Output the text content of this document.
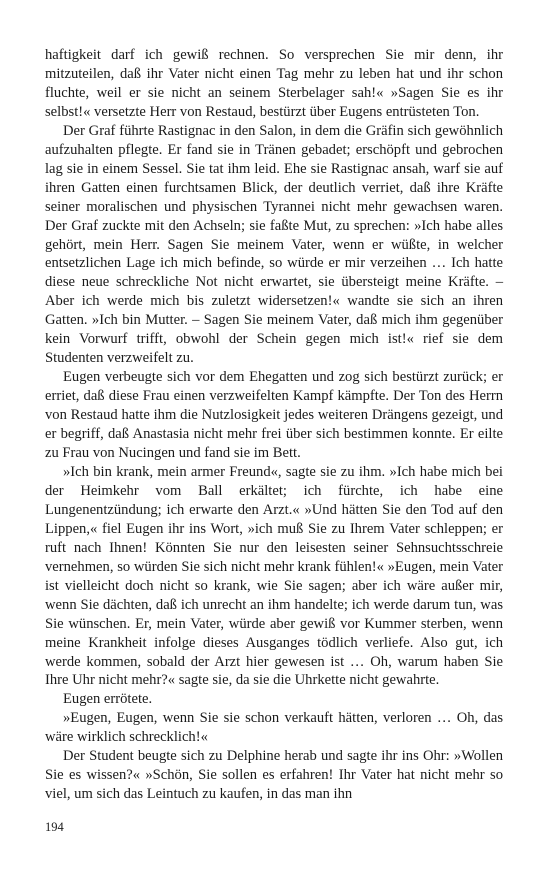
haftigkeit darf ich gewiß rechnen. So versprechen Sie mir denn, ihr mitzuteilen, daß ihr Vater nicht einen Tag mehr zu leben hat und ihr schon fluchte, weil er sie nicht an seinem Sterbelager sah!« »Sagen Sie es ihr selbst!« versetzte Herr von Restaud, bestürzt über Eugens entrüsteten Ton.

Der Graf führte Rastignac in den Salon, in dem die Gräfin sich gewöhnlich aufzuhalten pflegte. Er fand sie in Tränen gebadet; erschöpft und gebrochen lag sie in einem Sessel. Sie tat ihm leid. Ehe sie Rastignac ansah, warf sie auf ihren Gatten einen furchtsamen Blick, der deutlich verriet, daß ihre Kräfte seiner moralischen und physischen Tyrannei nicht mehr gewachsen waren. Der Graf zuckte mit den Achseln; sie faßte Mut, zu sprechen: »Ich habe alles gehört, mein Herr. Sagen Sie meinem Vater, wenn er wüßte, in welcher entsetzlichen Lage ich mich befinde, so würde er mir verzeihen … Ich hatte diese neue schreckliche Not nicht erwartet, sie übersteigt meine Kräfte. – Aber ich werde mich bis zuletzt widersetzen!« wandte sie sich an ihren Gatten. »Ich bin Mutter. – Sagen Sie meinem Vater, daß mich ihm gegenüber kein Vorwurf trifft, obwohl der Schein gegen mich ist!« rief sie dem Studenten verzweifelt zu.

Eugen verbeugte sich vor dem Ehegatten und zog sich bestürzt zurück; er erriet, daß diese Frau einen verzweifelten Kampf kämpfte. Der Ton des Herrn von Restaud hatte ihm die Nutzlosigkeit jedes weiteren Drängens gezeigt, und er begriff, daß Anastasia nicht mehr frei über sich bestimmen konnte. Er eilte zu Frau von Nucingen und fand sie im Bett.

»Ich bin krank, mein armer Freund«, sagte sie zu ihm. »Ich habe mich bei der Heimkehr vom Ball erkältet; ich fürchte, ich habe eine Lungenentzündung; ich erwarte den Arzt.« »Und hätten Sie den Tod auf den Lippen,« fiel Eugen ihr ins Wort, »ich muß Sie zu Ihrem Vater schleppen; er ruft nach Ihnen! Könnten Sie nur den leisesten seiner Sehnsuchtsschreie vernehmen, so würden Sie sich nicht mehr krank fühlen!« »Eugen, mein Vater ist vielleicht doch nicht so krank, wie Sie sagen; aber ich wäre außer mir, wenn Sie dächten, daß ich unrecht an ihm handelte; ich werde darum tun, was Sie wünschen. Er, mein Vater, würde aber gewiß vor Kummer sterben, wenn meine Krankheit infolge dieses Ausganges tödlich verliefe. Also gut, ich werde kommen, sobald der Arzt hier gewesen ist … Oh, warum haben Sie Ihre Uhr nicht mehr?« sagte sie, da sie die Uhrkette nicht gewahrte.

Eugen errötete.

»Eugen, Eugen, wenn Sie sie schon verkauft hätten, verloren … Oh, das wäre wirklich schrecklich!«

Der Student beugte sich zu Delphine herab und sagte ihr ins Ohr: »Wollen Sie es wissen?« »Schön, Sie sollen es erfahren! Ihr Vater hat nicht mehr so viel, um sich das Leintuch zu kaufen, in das man ihn

194
